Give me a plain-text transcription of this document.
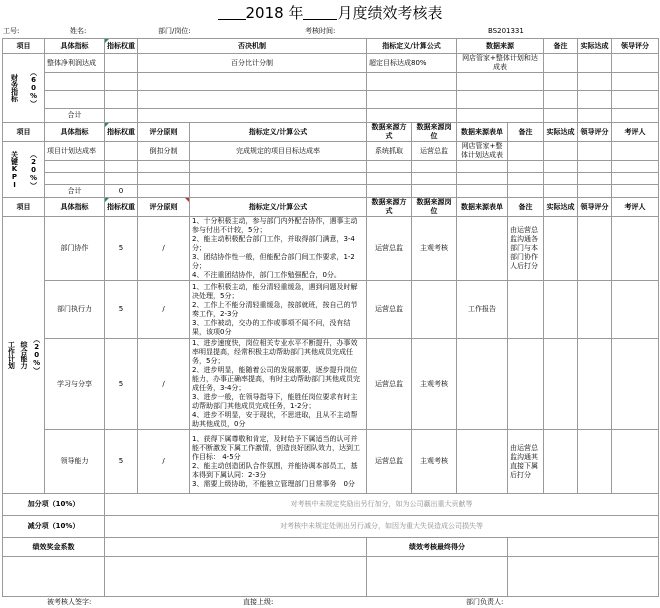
2018 年 月度绩效考核表
工号:	姓名:	部门/岗位:	考核时间:	BS201331
项目	具体指标	指标权重	否决机制		指标定义/计算公式		数据来源		备注	实际达成	领导评分

财务指标 （60%）	整体净利润达成		百分比计分制		超定目标达成80%		网店管家+整体计划和达成表				

	合计										
项目	具体指标	指标权重	评分原则	指标定义/计算公式	数据来源方式	数据来源岗位	数据来源表单	备注	实际达成	领导评分	考评人

关键KPI （20%）	项目计划达成率		倒扣分制	完成规定的项目目标达成率	系统抓取	运营总监	网店管家+整体计划达成表				

	合计	0									
项目	具体指标	指标权重	评分原则	指标定义/计算公式	数据来源方式	数据来源岗位	数据来源表单	备注	实际达成	领导评分	考评人

工作计划 综合能力 （20%）	部门协作	5	/	1、十分积极主动，参与部门内外配合协作，遇事主动参与付出不计较，5分；
2、能主动积极配合部门工作，并取得部门满意，3-4分；
3、团结协作性一般，但能配合部门间工作要求，1-2分；
4、不注重团结协作，部门工作勉强配合，0分。	运营总监	主观考核		由运营总监沟通各部门与本部门协作人后打分			
	部门执行力	5	/	1、工作积极主动，能分清轻重缓急，遇到问题及时解决处理，5分；
2、工作上不能分清轻重缓急，按部就班，按自己的节奏工作，2-3分
3、工作被动，交办的工作或事项不闻不问，没有结果，该项0分	运营总监		工作报告				
	学习与分享	5	/	1、进步速度快，岗位相关专业水平不断提升，办事效率明显提高，经常积极主动帮助部门其他成员完成任务，5分；
2、进步明显，能随着公司的发展需要，逐步提升岗位能力，办事正确率提高，有时主动帮助部门其他成员完成任务，3-4分；
3、进步一般，在领导指导下，能胜任岗位要求有时主动帮助部门其他成员完成任务，1-2分；
4、进步不明显，安于现状，不思进取，且从不主动帮助其他成员，0分	运营总监	主观考核					
	领导能力	5	/	1、获得下属尊敬和肯定，及时给予下属适当的认可并能不断激发下属工作激情，创造良好团队效力，达到工作目标： 4-5分
2、能主动创造团队合作氛围，并能协调本部员工，基本得到下属认同：2-3分
3、需要上级协助，不能独立管理部门日常事务　0分	运营总监	主观考核		由运营总监沟通其直接下属后打分			
加分项（10%）		对考核中未规定奖励出另行加分，如为公司赢出重大贡献等									
减分项（10%）		对考核中未规定处则出另行减分，如因为重大失误造成公司损失等									
绩效奖金系数					绩效考核最终得分						

被考核人签字:	直接上级:	部门负责人:
